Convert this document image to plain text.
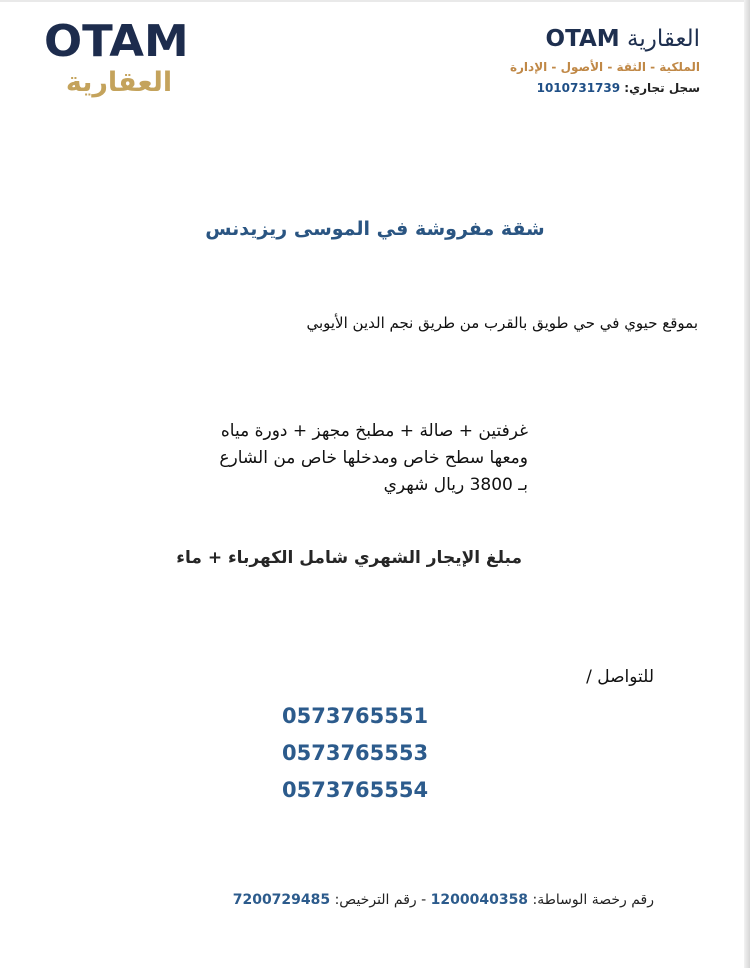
OTAM
العقارية
العقارية OTAM
الملكية - الثقة - الأصول - الإدارة
سجل تجاري: 1010731739
شقة مفروشة في الموسى ريزيدنس
بموقع حيوي في حي طويق بالقرب من طريق نجم الدين الأيوبي
غرفتين + صالة + مطبخ مجهز + دورة مياه
ومعها سطح خاص ومدخلها خاص من الشارع
بـ 3800 ريال شهري
مبلغ الإيجار الشهري شامل الكهرباء + ماء
للتواصل /
0573765551
0573765553
0573765554
رقم رخصة الوساطة: 1200040358 - رقم الترخيص: 7200729485
